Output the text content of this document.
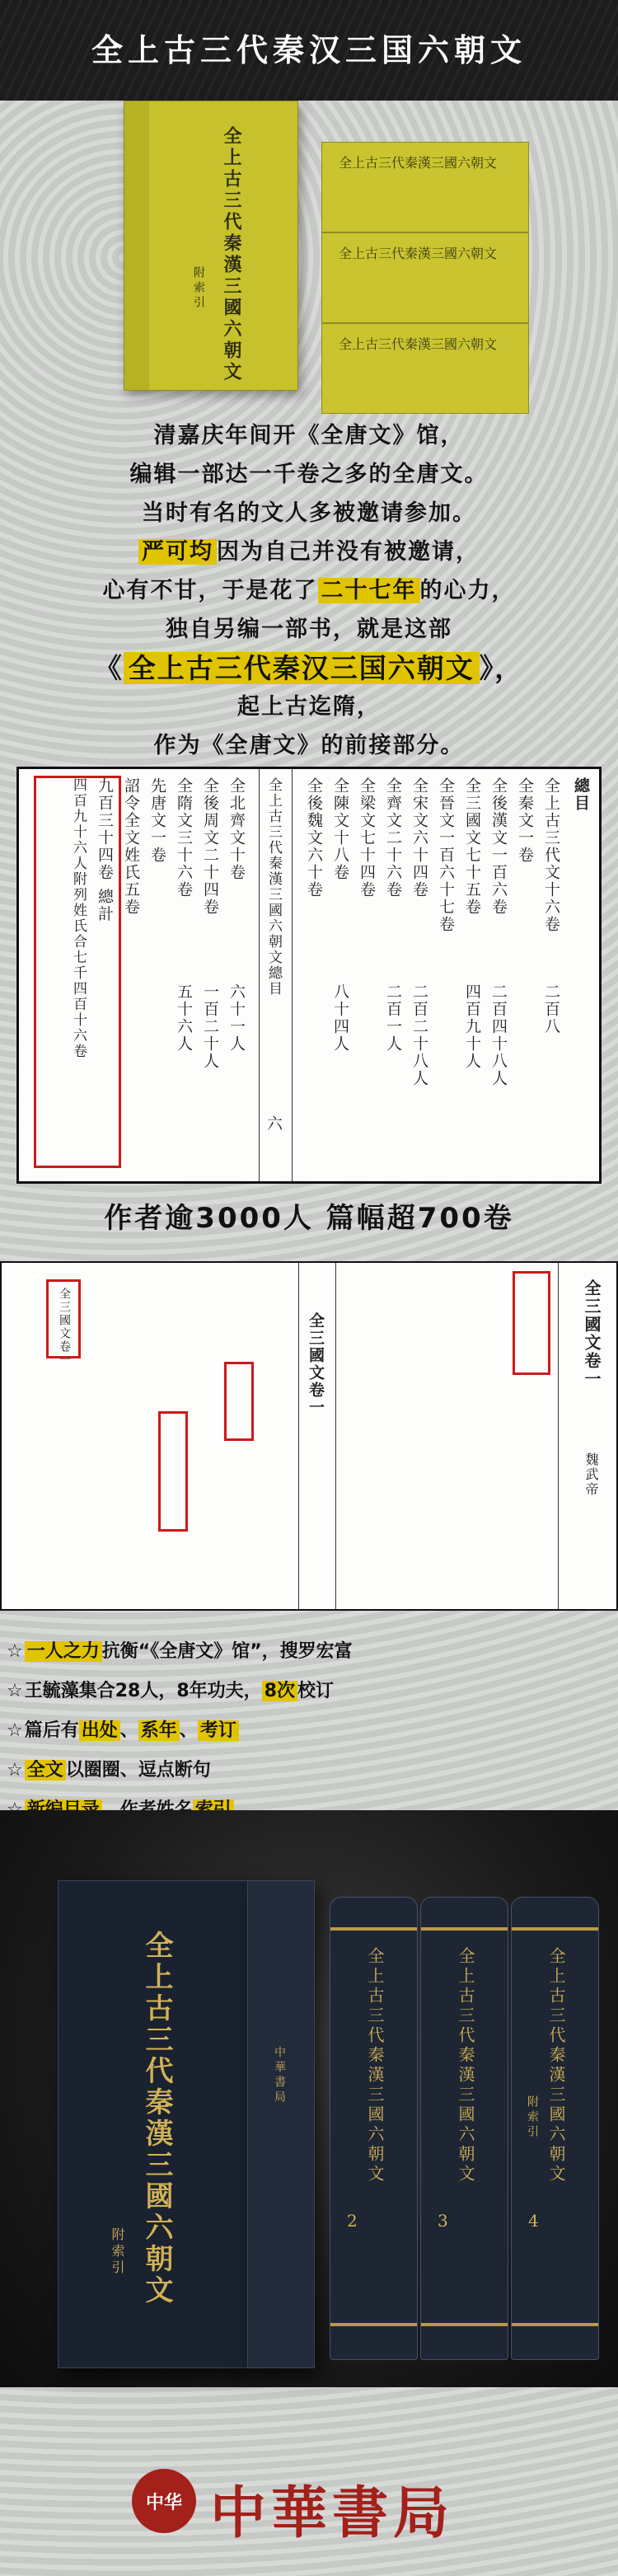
全上古三代秦汉三国六朝文
全上古三代秦漢三國六朝文
全上古三代秦漢三國六朝文
全上古三代秦漢三國六朝文
全上古三代秦漢三國六朝文
附索引
清嘉庆年间开《全唐文》馆，
编辑一部达一千卷之多的全唐文。
当时有名的文人多被邀请参加。
严可均 因为自己并没有被邀请，
心有不甘，于是花了 二十七年 的心力，
独自另编一部书，就是这部
《 全上古三代秦汉三国六朝文 》，
起上古迄隋，
作为《全唐文》的前接部分。
總目
全上古三代文十六卷
全秦文一卷
全後漢文一百六卷
全三國文七十五卷
全晉文一百六十七卷
全宋文六十四卷
全齊文二十六卷
全梁文七十四卷
全陳文十八卷
全後魏文六十卷
全上古三代秦漢三國六朝文總目
全北齊文十卷
全後周文二十四卷
全隋文三十六卷
先唐文一卷
詔令全文姓氏五卷
九百三十四卷 總計
四百九十六人附列姓氏合七千四百十六卷	二百八
二百四十八人
四百九十人
二百二十八人
二百一人
八十四人
六十一人
一百二十人
五十六人
六
作者逾3000人 篇幅超700卷
全三國文卷一
魏武帝
全三國文卷一
全三國文卷一
☆ 一人之力 抗衡“《全唐文》馆”，搜罗宏富
☆王毓藻集合28人，8年功夫， 8次 校订
☆篇后有 出处 、 系年 、 考订
☆ 全文 以圈圈、逗点断句
全上古三代秦漢三國六朝文
附索引
中華書局	全上古三代秦漢三國六朝文
2
全上古三代秦漢三國六朝文
3
全上古三代秦漢三國六朝文
附索引
4
中华 中華書局
